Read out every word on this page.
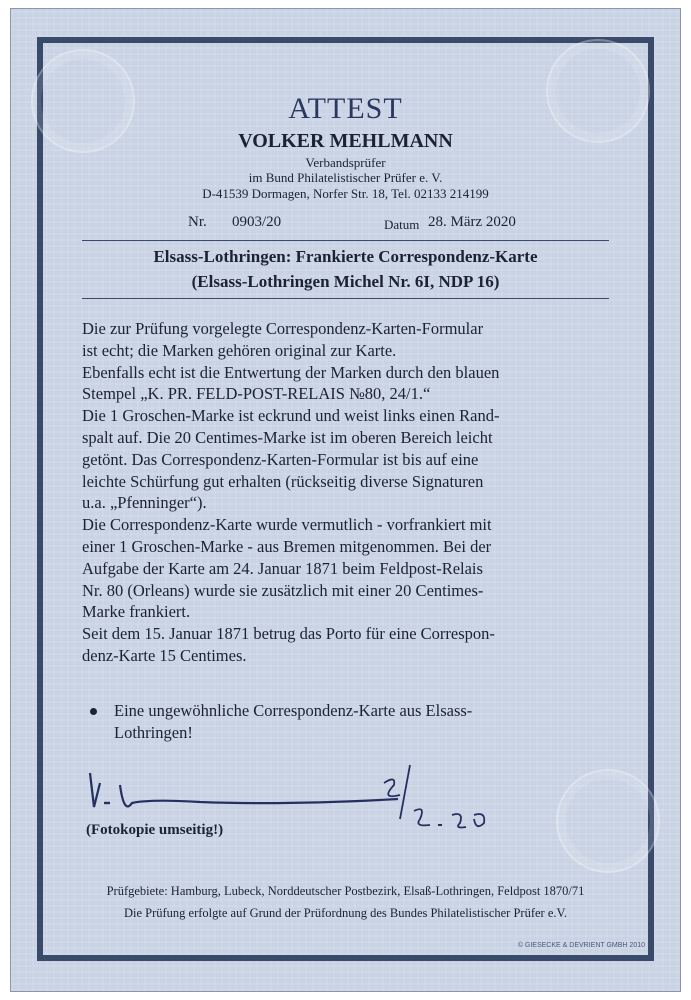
ATTEST
VOLKER MEHLMANN
Verbandsprüfer
im Bund Philatelistischer Prüfer e. V.
D-41539 Dormagen, Norfer Str. 18, Tel. 02133 214199
Nr. 0903/20	Datum 28. März 2020
Elsass-Lothringen: Frankierte Correspondenz-Karte
(Elsass-Lothringen Michel Nr. 6I, NDP 16)
Die zur Prüfung vorgelegte Correspondenz-Karten-Formular
ist echt; die Marken gehören original zur Karte.
Ebenfalls echt ist die Entwertung der Marken durch den blauen
Stempel „K. PR. FELD-POST-RELAIS №80, 24/1.“
Die 1 Groschen-Marke ist eckrund und weist links einen Rand-
spalt auf. Die 20 Centimes-Marke ist im oberen Bereich leicht
getönt. Das Correspondenz-Karten-Formular ist bis auf eine
leichte Schürfung gut erhalten (rückseitig diverse Signaturen
u.a. „Pfenninger“).
Die Correspondenz-Karte wurde vermutlich - vorfrankiert mit
einer 1 Groschen-Marke - aus Bremen mitgenommen. Bei der
Aufgabe der Karte am 24. Januar 1871 beim Feldpost-Relais
Nr. 80 (Orleans) wurde sie zusätzlich mit einer 20 Centimes-
Marke frankiert.
Seit dem 15. Januar 1871 betrug das Porto für eine Correspon-
denz-Karte 15 Centimes.
Eine ungewöhnliche Correspondenz-Karte aus Elsass-
Lothringen!
(Fotokopie umseitig!)
Prüfgebiete: Hamburg, Lubeck, Norddeutscher Postbezirk, Elsaß-Lothringen, Feldpost 1870/71
Die Prüfung erfolgte auf Grund der Prüfordnung des Bundes Philatelistischer Prüfer e.V.
© GIESECKE & DEVRIENT GMBH 2010
